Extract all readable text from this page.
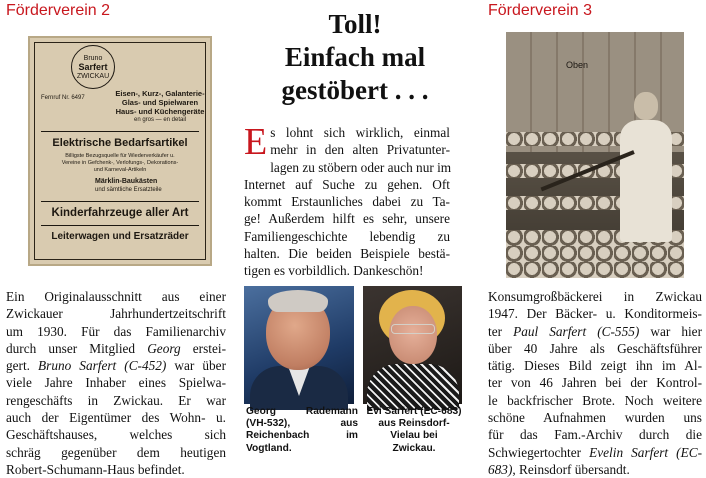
Förderverein 2
Bruno
Sarfert
ZWICKAU
Fernruf Nr. 6497	Eisen-, Kurz-, Galanterie-
Glas- und Spielwaren
Haus- und Küchengeräte
en gros — en detail
Elektrische Bedarfsartikel
Billigste Bezugsquelle für Wiederverkäufer u.
Vereine in Gefchenk-, Verlofungs-, Dekorations-
und Karneval-Artikeln
Märklin-Baukästen
und sämtliche Ersatzteile
Kinderfahrzeuge aller Art
Leiterwagen und Ersatzräder
Ein Originalausschnitt aus einer
Zwickauer Jahrhundertzeitschrift
um 1930. Für das Familienarchiv
durch unser Mitglied Georg erstei-
gert. Bruno Sarfert (C-452) war über
viele Jahre Inhaber eines Spielwa-
rengeschäfts in Zwickau. Er war
auch der Eigentümer des Wohn- u.
Geschäftshauses, welches sich
schräg gegenüber dem heutigen
Robert-Schumann-Haus befindet.
Toll!
Einfach mal
gestöbert . . .
E s lohnt sich wirklich, einmal
mehr in den alten Privatunter-
lagen zu stöbern oder auch nur im
Internet auf Suche zu gehen. Oft
kommt Erstaunliches dabei zu Ta-
ge! Außerdem hilft es sehr, unsere
Familiengeschichte lebendig zu
halten. Die beiden Beispiele bestä-
tigen es vorbildlich. Dankeschön!
Georg Rademann
(VH-532), aus
Reichenbach im
Vogtland.
Evi Sarfert (EC-683)
aus Reinsdorf-
Vielau bei
Zwickau.
Förderverein 3
Oben
Konsumgroßbäckerei in Zwickau
1947. Der Bäcker- u. Konditormeis-
ter Paul Sarfert (C-555) war hier
über 40 Jahre als Geschäftsführer
tätig. Dieses Bild zeigt ihn im Al-
ter von 46 Jahren bei der Kontrol-
le backfrischer Brote. Noch weitere
schöne Aufnahmen wurden uns
für das Fam.-Archiv durch die
Schwiegertochter Evelin Sarfert (EC-
683), Reinsdorf übersandt.
